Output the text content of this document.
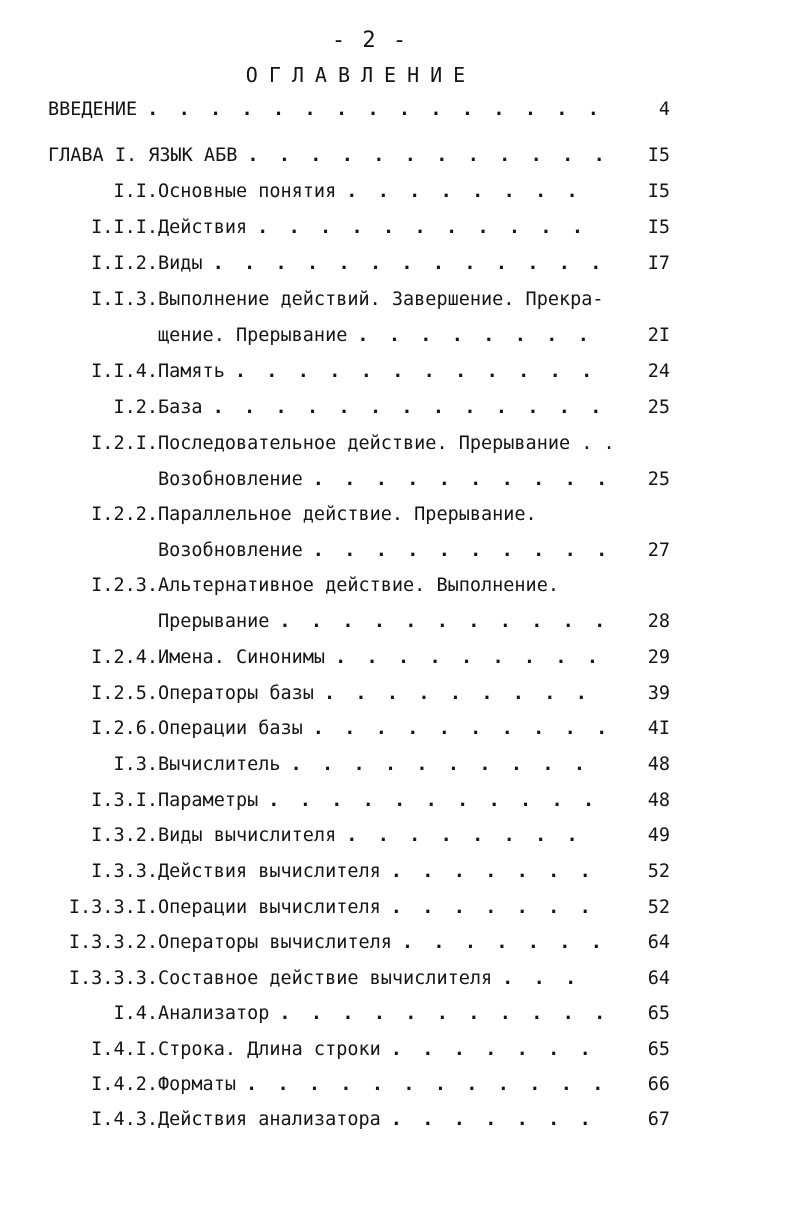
- 2 -
ОГЛАВЛЕНИЕ
ВВЕДЕНИЕ . . . . . . . . . . . . . . .	4
ГЛАВА I. ЯЗЫК АБВ . . . . . . . . . . . .	I5
I.I. Основные понятия . . . . . . . .	I5
I.I.I. Действия . . . . . . . . . . .	I5
I.I.2. Виды . . . . . . . . . . . . .	I7
I.I.3. Выполнение действий. Завершение. Прекра-
щение. Прерывание . . . . . . . .	2I
I.I.4. Память . . . . . . . . . . . .	24
I.2. База . . . . . . . . . . . . .	25
I.2.I. Последовательное действие. Прерывание . .
Возобновление . . . . . . . . . .	25
I.2.2. Параллельное действие. Прерывание.
Возобновление . . . . . . . . . .	27
I.2.3. Альтернативное действие. Выполнение.
Прерывание . . . . . . . . . . .	28
I.2.4. Имена. Синонимы . . . . . . . . .	29
I.2.5. Операторы базы . . . . . . . . .	39
I.2.6. Операции базы . . . . . . . . . .	4I
I.3. Вычислитель . . . . . . . . . .	48
I.3.I. Параметры . . . . . . . . . . .	48
I.3.2. Виды вычислителя . . . . . . . .	49
I.3.3. Действия вычислителя . . . . . . .	52
I.3.3.I. Операции вычислителя . . . . . . .	52
I.3.3.2. Операторы вычислителя . . . . . . .	64
I.3.3.3. Составное действие вычислителя . . .	64
I.4. Анализатор . . . . . . . . . . .	65
I.4.I. Строка. Длина строки . . . . . . .	65
I.4.2. Форматы . . . . . . . . . . . .	66
I.4.3. Действия анализатора . . . . . . .	67
